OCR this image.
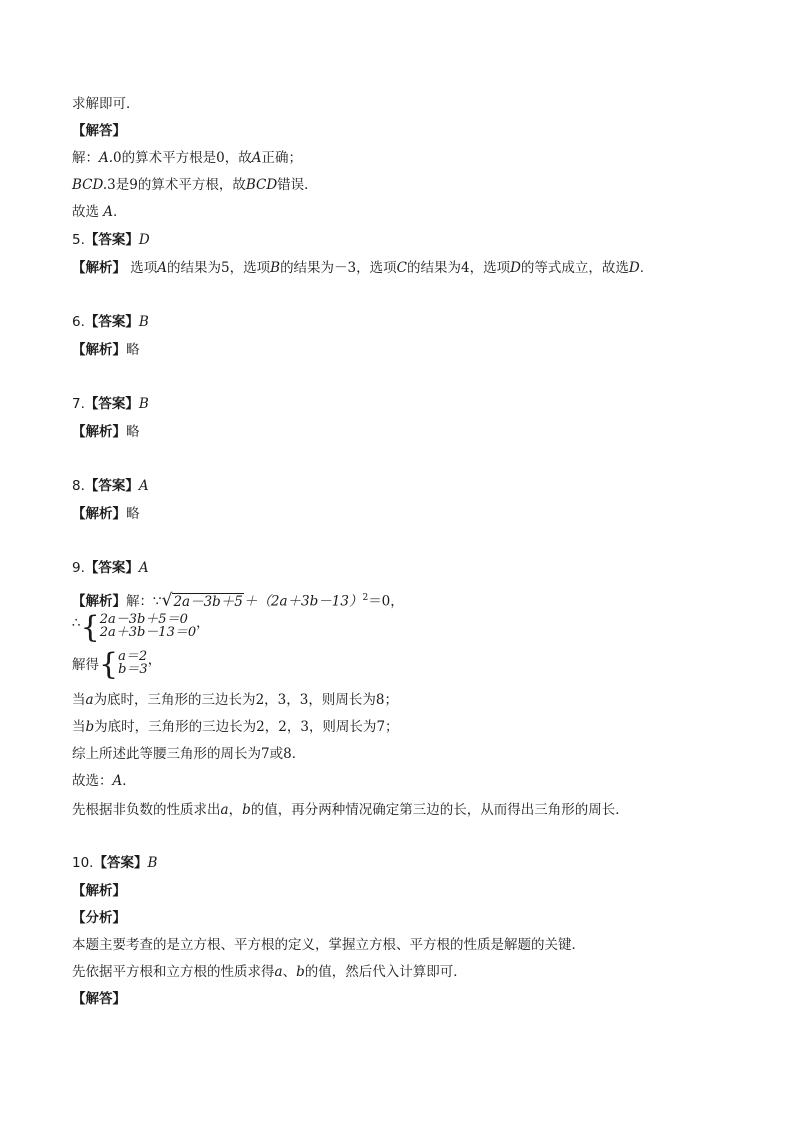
求解即可．
【解答】
解：A.0的算术平方根是0，故A正确；
BCD.3是9的算术平方根，故BCD错误．
故选 A.
5.【答案】D
【解析】 选项A的结果为5，选项B的结果为－3，选项C的结果为4，选项D的等式成立，故选D.
6.【答案】B
【解析】略
7.【答案】B
【解析】略
8.【答案】A
【解析】略
9.【答案】A
【解析】解：$\because√2a-3b+5+(2a+3b-13)^2=0$，
∴{ 2a－3b＋5＝0
2a＋3b－13＝0
，
解得{ a＝2
b＝3
，
当a为底时，三角形的三边长为2，3，3，则周长为8；
当b为底时，三角形的三边长为2，2，3，则周长为7；
综上所述此等腰三角形的周长为7或8．
故选：A．
先根据非负数的性质求出a，b的值，再分两种情况确定第三边的长，从而得出三角形的周长．
10.【答案】B
【解析】
【分析】
本题主要考查的是立方根、平方根的定义，掌握立方根、平方根的性质是解题的关键．
先依据平方根和立方根的性质求得a、b的值，然后代入计算即可．
【解答】
